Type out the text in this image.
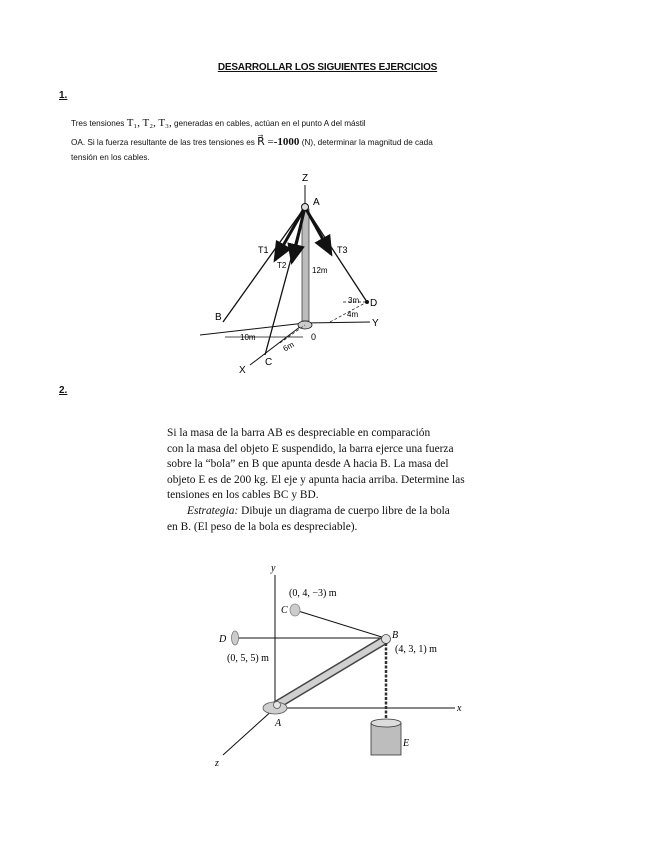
DESARROLLAR LOS SIGUIENTES EJERCICIOS
1.
Tres tensiones T₁, T₂, T₃, generadas en cables, actúan en el punto A del mástil
OA. Si la fuerza resultante de las tres tensiones es R⃗ =-1000 (N), determinar la magnitud de cada
tensión en los cables.
Z
A
T1
T2
T3
12m
D
B
Y
3m
4m
10m
6m
0
C
X
2.
Si la masa de la barra AB es despreciable en comparación
con la masa del objeto E suspendido, la barra ejerce una fuerza
sobre la “bola” en B que apunta desde A hacia B. La masa del
objeto E es de 200 kg. El eje y apunta hacia arriba. Determine las
tensiones en los cables BC y BD.
Estrategia: Dibuje un diagrama de cuerpo libre de la bola
en B. (El peso de la bola es despreciable).
y
(0, 4, −3) m
C
D	B
(4, 3, 1) m
(0, 5, 5) m
x
A
E
z
